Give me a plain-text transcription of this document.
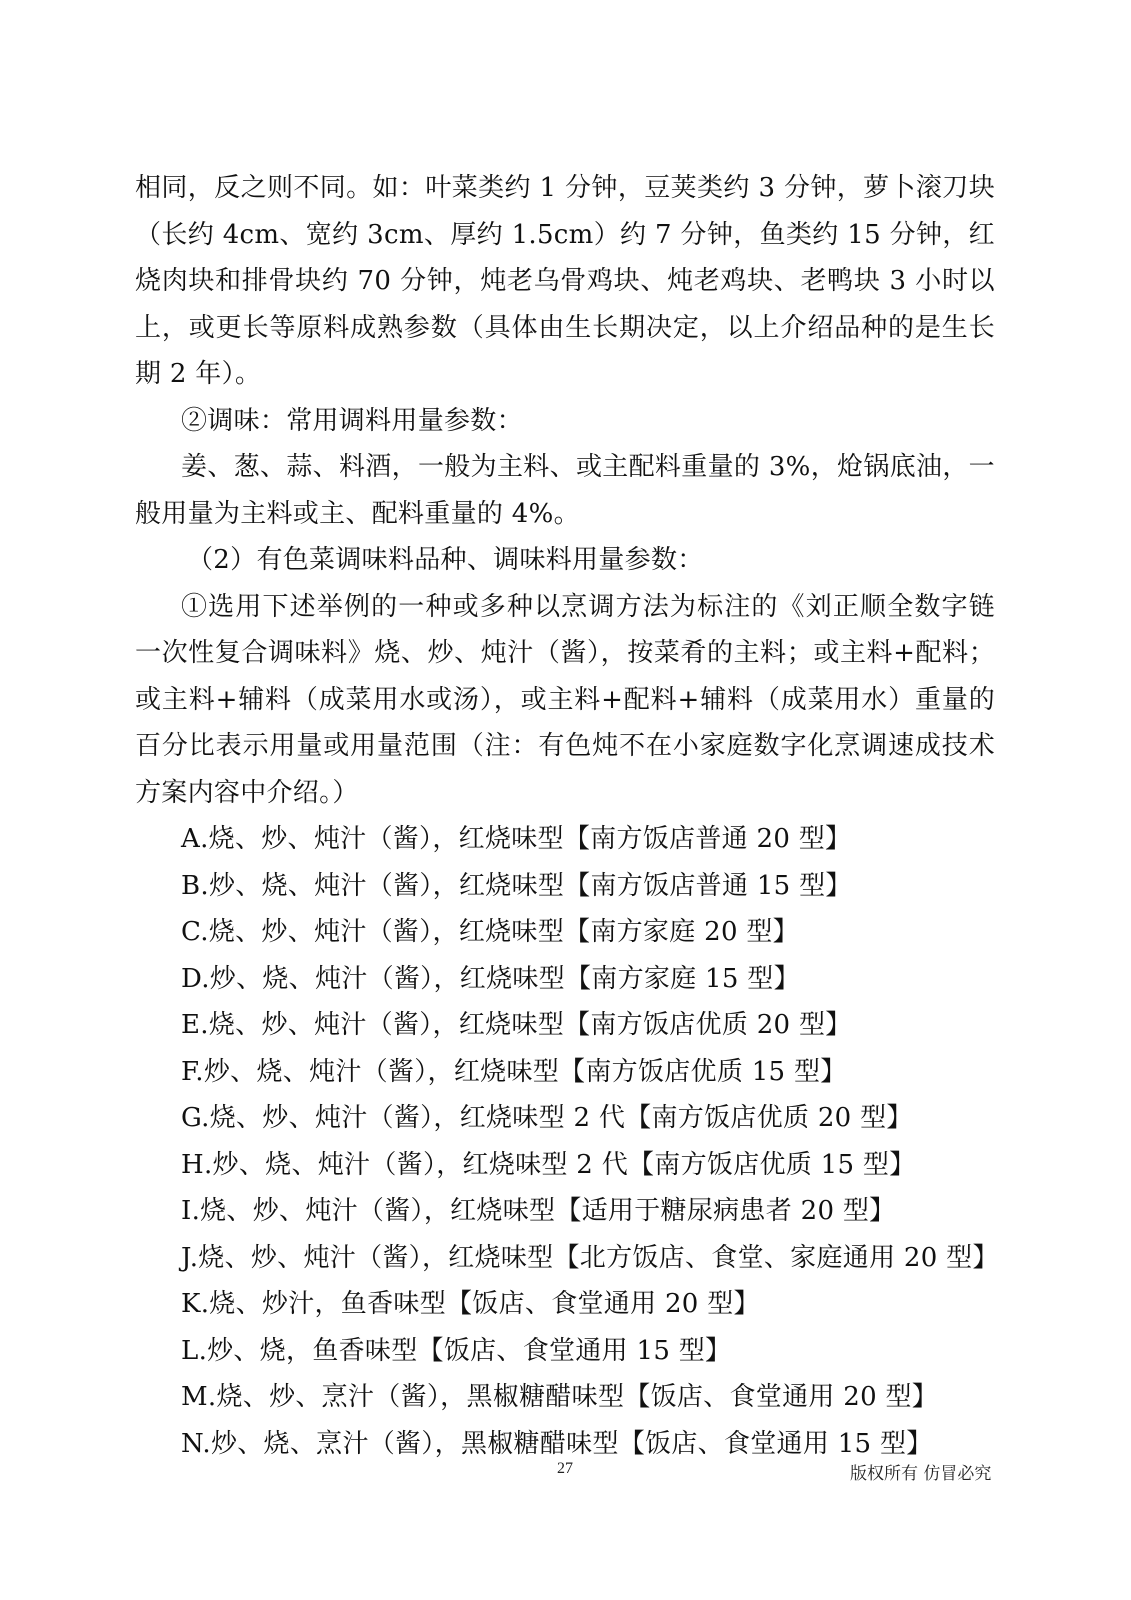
相同，反之则不同。如：叶菜类约 1 分钟，豆荚类约 3 分钟，萝卜滚刀块（长约 4cm、宽约 3cm、厚约 1.5cm）约 7 分钟，鱼类约 15 分钟，红烧肉块和排骨块约 70 分钟，炖老乌骨鸡块、炖老鸡块、老鸭块 3 小时以上，或更长等原料成熟参数（具体由生长期决定，以上介绍品种的是生长期 2 年）。

②调味：常用调料用量参数：

姜、葱、蒜、料酒，一般为主料、或主配料重量的 3%，炝锅底油，一般用量为主料或主、配料重量的 4%。

（2）有色菜调味料品种、调味料用量参数：

①选用下述举例的一种或多种以烹调方法为标注的《刘正顺全数字链一次性复合调味料》烧、炒、炖汁（酱），按菜肴的主料；或主料+配料；或主料+辅料（成菜用水或汤），或主料+配料+辅料（成菜用水）重量的百分比表示用量或用量范围（注：有色炖不在小家庭数字化烹调速成技术方案内容中介绍。）

A.烧、炒、炖汁（酱），红烧味型【南方饭店普通 20 型】
B.炒、烧、炖汁（酱），红烧味型【南方饭店普通 15 型】
C.烧、炒、炖汁（酱），红烧味型【南方家庭 20 型】
D.炒、烧、炖汁（酱），红烧味型【南方家庭 15 型】
E.烧、炒、炖汁（酱），红烧味型【南方饭店优质 20 型】
F.炒、烧、炖汁（酱），红烧味型【南方饭店优质 15 型】
G.烧、炒、炖汁（酱），红烧味型 2 代【南方饭店优质 20 型】
H.炒、烧、炖汁（酱），红烧味型 2 代【南方饭店优质 15 型】
I.烧、炒、炖汁（酱），红烧味型【适用于糖尿病患者 20 型】
J.烧、炒、炖汁（酱），红烧味型【北方饭店、食堂、家庭通用 20 型】
K.烧、炒汁，鱼香味型【饭店、食堂通用 20 型】
L.炒、烧，鱼香味型【饭店、食堂通用 15 型】
M.烧、炒、烹汁（酱），黑椒糖醋味型【饭店、食堂通用 20 型】
N.炒、烧、烹汁（酱），黑椒糖醋味型【饭店、食堂通用 15 型】
27	版权所有 仿冒必究
